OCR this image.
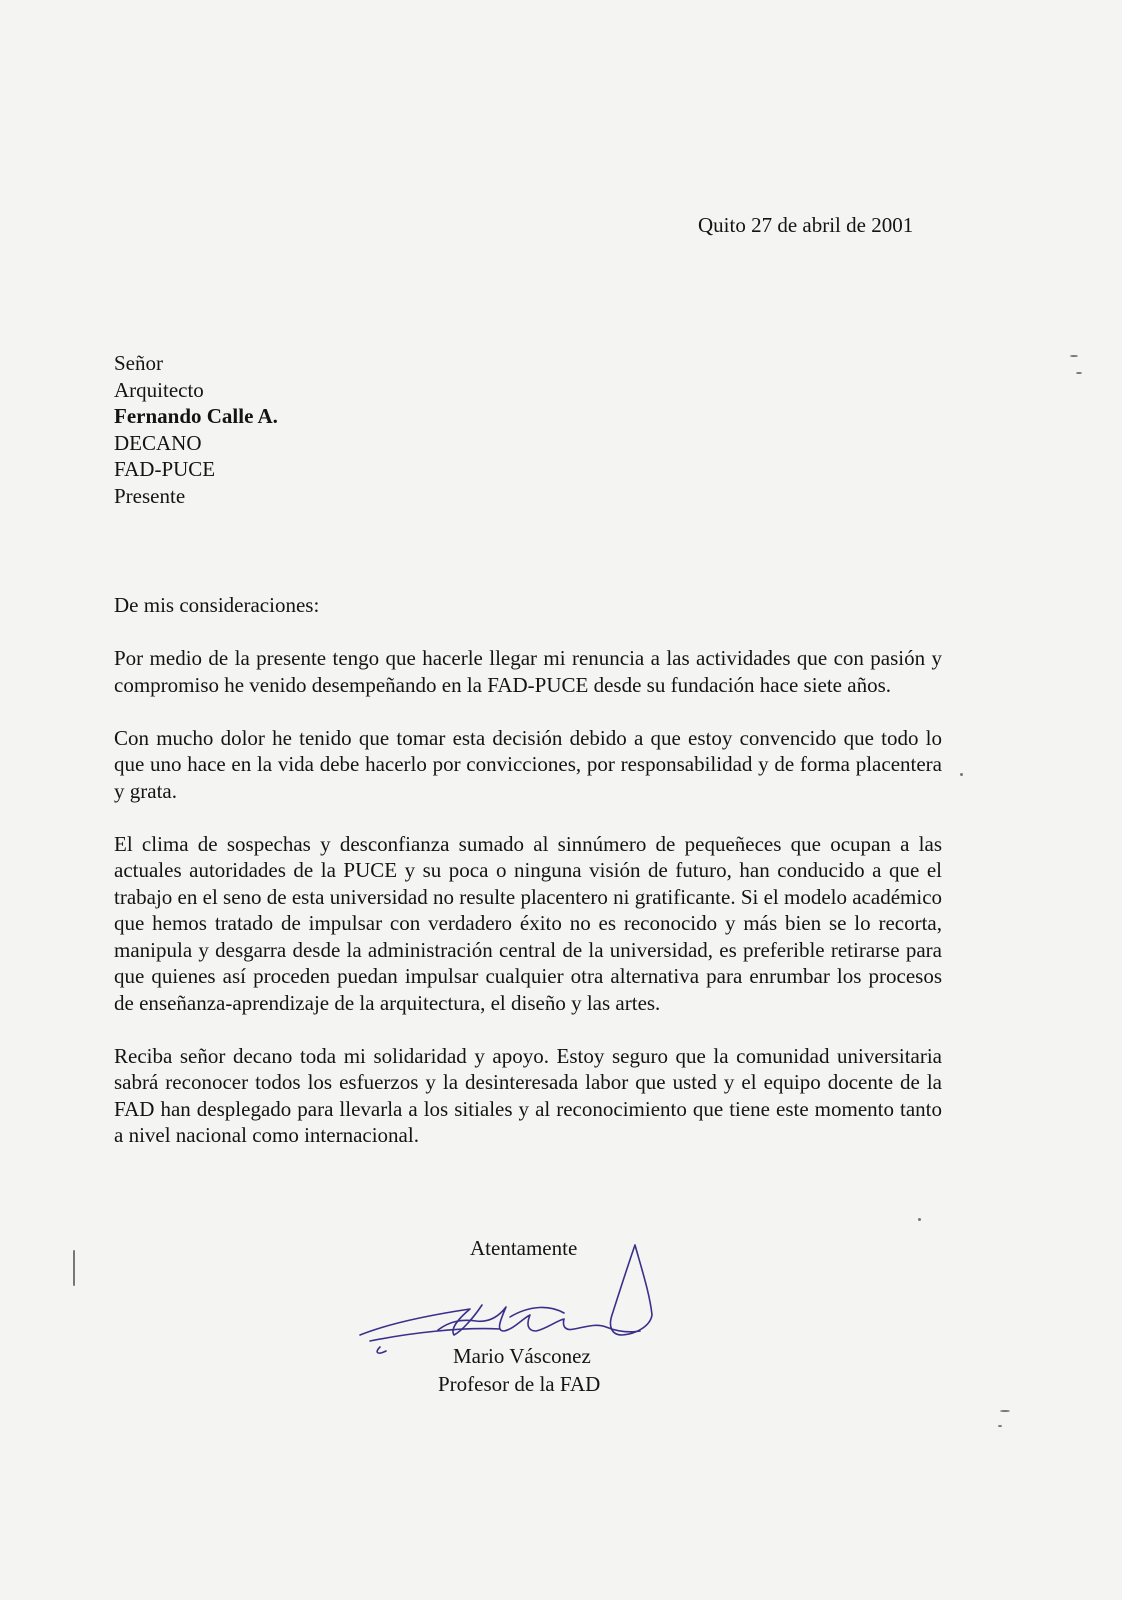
Quito 27 de abril de 2001
Señor
Arquitecto
Fernando Calle A.
DECANO
FAD-PUCE
Presente

De mis consideraciones:

Por medio de la presente tengo que hacerle llegar mi renuncia a las actividades que con pasión y compromiso he venido desempeñando en la FAD-PUCE desde su fundación hace siete años.

Con mucho dolor he tenido que tomar esta decisión debido a que estoy convencido que todo lo que uno hace en la vida debe hacerlo por convicciones, por responsabilidad y de forma placentera y grata.

El clima de sospechas y desconfianza sumado al sinnúmero de pequeñeces que ocupan a las actuales autoridades de la PUCE y su poca o ninguna visión de futuro, han conducido a que el trabajo en el seno de esta universidad no resulte placentero ni gratificante. Si el modelo académico que hemos tratado de impulsar con verdadero éxito no es reconocido y más bien se lo recorta, manipula y desgarra desde la administración central de la universidad, es preferible retirarse para que quienes así proceden puedan impulsar cualquier otra alternativa para enrumbar los procesos de enseñanza-aprendizaje de la arquitectura, el diseño y las artes.

Reciba señor decano toda mi solidaridad y apoyo. Estoy seguro que la comunidad universitaria sabrá reconocer todos los esfuerzos y la desinteresada labor que usted y el equipo docente de la FAD han desplegado para llevarla a los sitiales y al reconocimiento que tiene este momento tanto a nivel nacional como internacional.

Atentamente
Mario Vásconez
Profesor de la FAD
